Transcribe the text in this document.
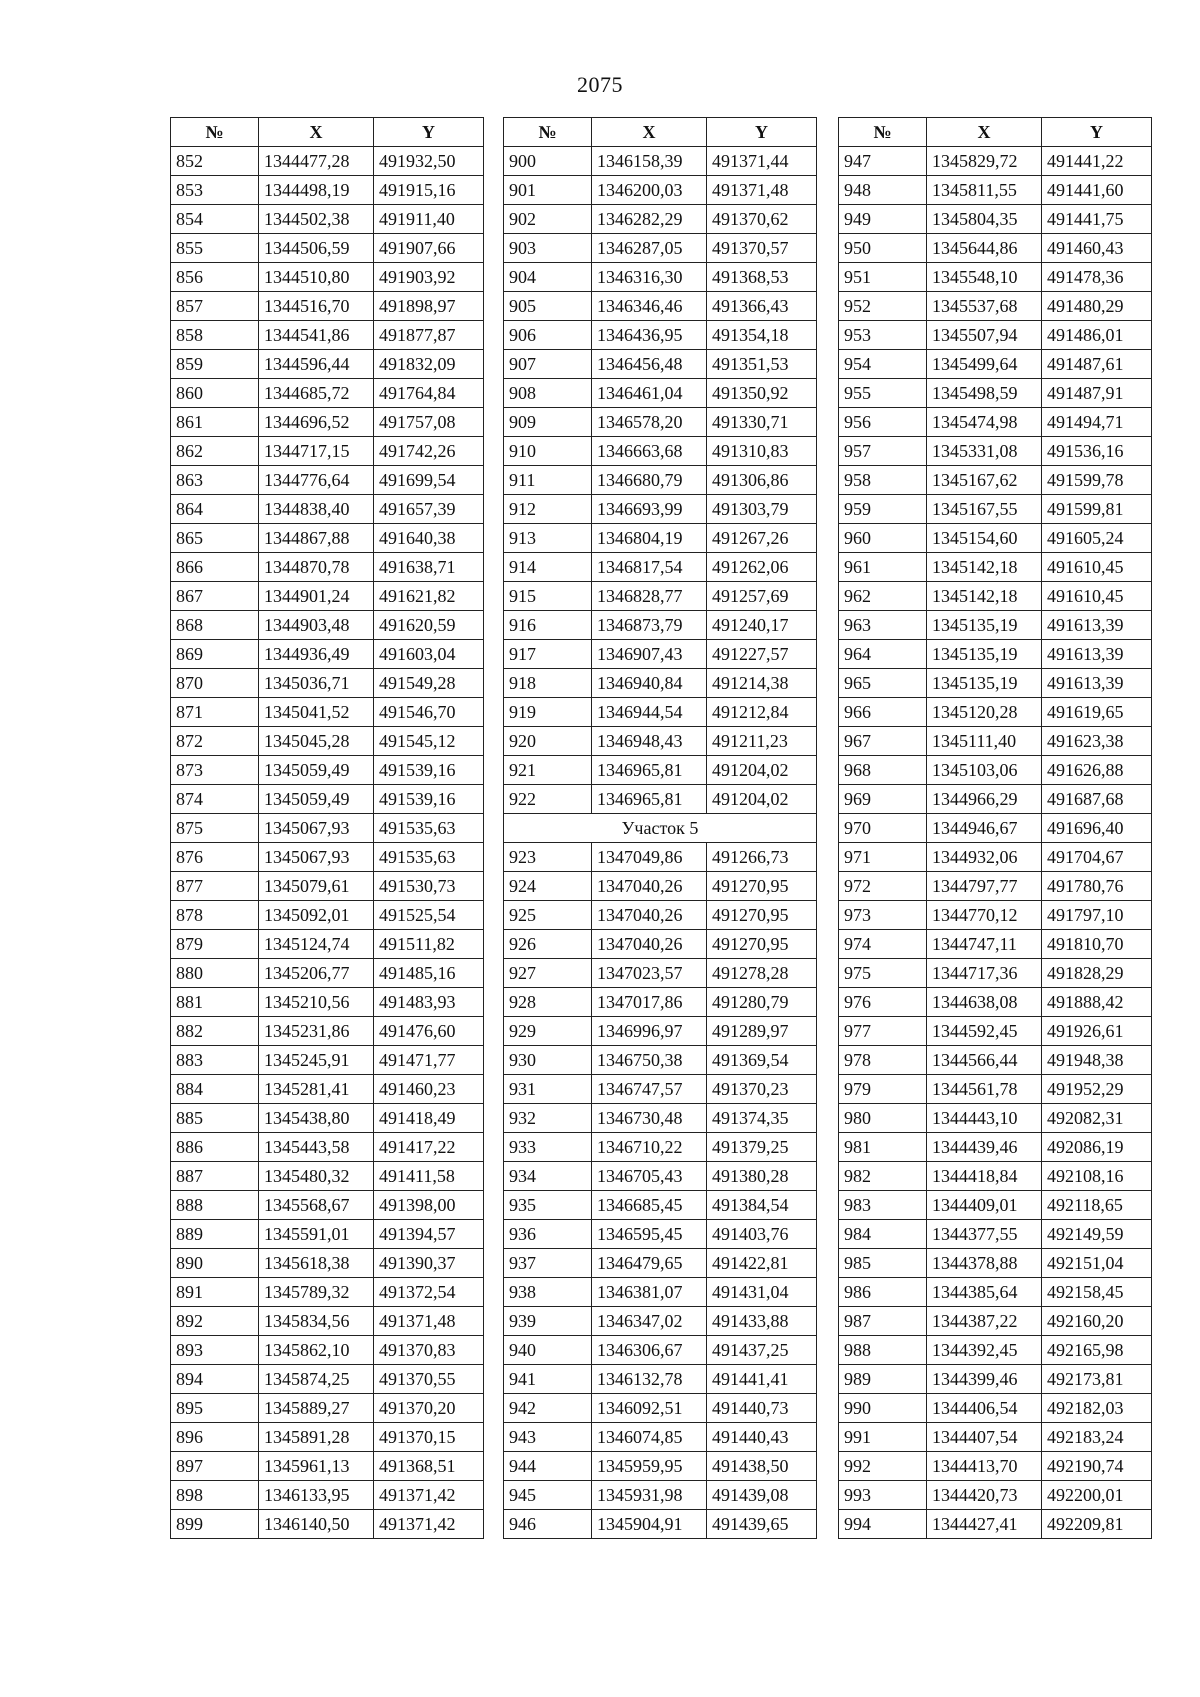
2075
№	X	Y
852	1344477,28	491932,50
853	1344498,19	491915,16
854	1344502,38	491911,40
855	1344506,59	491907,66
856	1344510,80	491903,92
857	1344516,70	491898,97
858	1344541,86	491877,87
859	1344596,44	491832,09
860	1344685,72	491764,84
861	1344696,52	491757,08
862	1344717,15	491742,26
863	1344776,64	491699,54
864	1344838,40	491657,39
865	1344867,88	491640,38
866	1344870,78	491638,71
867	1344901,24	491621,82
868	1344903,48	491620,59
869	1344936,49	491603,04
870	1345036,71	491549,28
871	1345041,52	491546,70
872	1345045,28	491545,12
873	1345059,49	491539,16
874	1345059,49	491539,16
875	1345067,93	491535,63
876	1345067,93	491535,63
877	1345079,61	491530,73
878	1345092,01	491525,54
879	1345124,74	491511,82
880	1345206,77	491485,16
881	1345210,56	491483,93
882	1345231,86	491476,60
883	1345245,91	491471,77
884	1345281,41	491460,23
885	1345438,80	491418,49
886	1345443,58	491417,22
887	1345480,32	491411,58
888	1345568,67	491398,00
889	1345591,01	491394,57
890	1345618,38	491390,37
891	1345789,32	491372,54
892	1345834,56	491371,48
893	1345862,10	491370,83
894	1345874,25	491370,55
895	1345889,27	491370,20
896	1345891,28	491370,15
897	1345961,13	491368,51
898	1346133,95	491371,42
899	1346140,50	491371,42
№	X	Y
900	1346158,39	491371,44
901	1346200,03	491371,48
902	1346282,29	491370,62
903	1346287,05	491370,57
904	1346316,30	491368,53
905	1346346,46	491366,43
906	1346436,95	491354,18
907	1346456,48	491351,53
908	1346461,04	491350,92
909	1346578,20	491330,71
910	1346663,68	491310,83
911	1346680,79	491306,86
912	1346693,99	491303,79
913	1346804,19	491267,26
914	1346817,54	491262,06
915	1346828,77	491257,69
916	1346873,79	491240,17
917	1346907,43	491227,57
918	1346940,84	491214,38
919	1346944,54	491212,84
920	1346948,43	491211,23
921	1346965,81	491204,02
922	1346965,81	491204,02
Участок 5		
923	1347049,86	491266,73
924	1347040,26	491270,95
925	1347040,26	491270,95
926	1347040,26	491270,95
927	1347023,57	491278,28
928	1347017,86	491280,79
929	1346996,97	491289,97
930	1346750,38	491369,54
931	1346747,57	491370,23
932	1346730,48	491374,35
933	1346710,22	491379,25
934	1346705,43	491380,28
935	1346685,45	491384,54
936	1346595,45	491403,76
937	1346479,65	491422,81
938	1346381,07	491431,04
939	1346347,02	491433,88
940	1346306,67	491437,25
941	1346132,78	491441,41
942	1346092,51	491440,73
943	1346074,85	491440,43
944	1345959,95	491438,50
945	1345931,98	491439,08
946	1345904,91	491439,65
№	X	Y
947	1345829,72	491441,22
948	1345811,55	491441,60
949	1345804,35	491441,75
950	1345644,86	491460,43
951	1345548,10	491478,36
952	1345537,68	491480,29
953	1345507,94	491486,01
954	1345499,64	491487,61
955	1345498,59	491487,91
956	1345474,98	491494,71
957	1345331,08	491536,16
958	1345167,62	491599,78
959	1345167,55	491599,81
960	1345154,60	491605,24
961	1345142,18	491610,45
962	1345142,18	491610,45
963	1345135,19	491613,39
964	1345135,19	491613,39
965	1345135,19	491613,39
966	1345120,28	491619,65
967	1345111,40	491623,38
968	1345103,06	491626,88
969	1344966,29	491687,68
970	1344946,67	491696,40
971	1344932,06	491704,67
972	1344797,77	491780,76
973	1344770,12	491797,10
974	1344747,11	491810,70
975	1344717,36	491828,29
976	1344638,08	491888,42
977	1344592,45	491926,61
978	1344566,44	491948,38
979	1344561,78	491952,29
980	1344443,10	492082,31
981	1344439,46	492086,19
982	1344418,84	492108,16
983	1344409,01	492118,65
984	1344377,55	492149,59
985	1344378,88	492151,04
986	1344385,64	492158,45
987	1344387,22	492160,20
988	1344392,45	492165,98
989	1344399,46	492173,81
990	1344406,54	492182,03
991	1344407,54	492183,24
992	1344413,70	492190,74
993	1344420,73	492200,01
994	1344427,41	492209,81
